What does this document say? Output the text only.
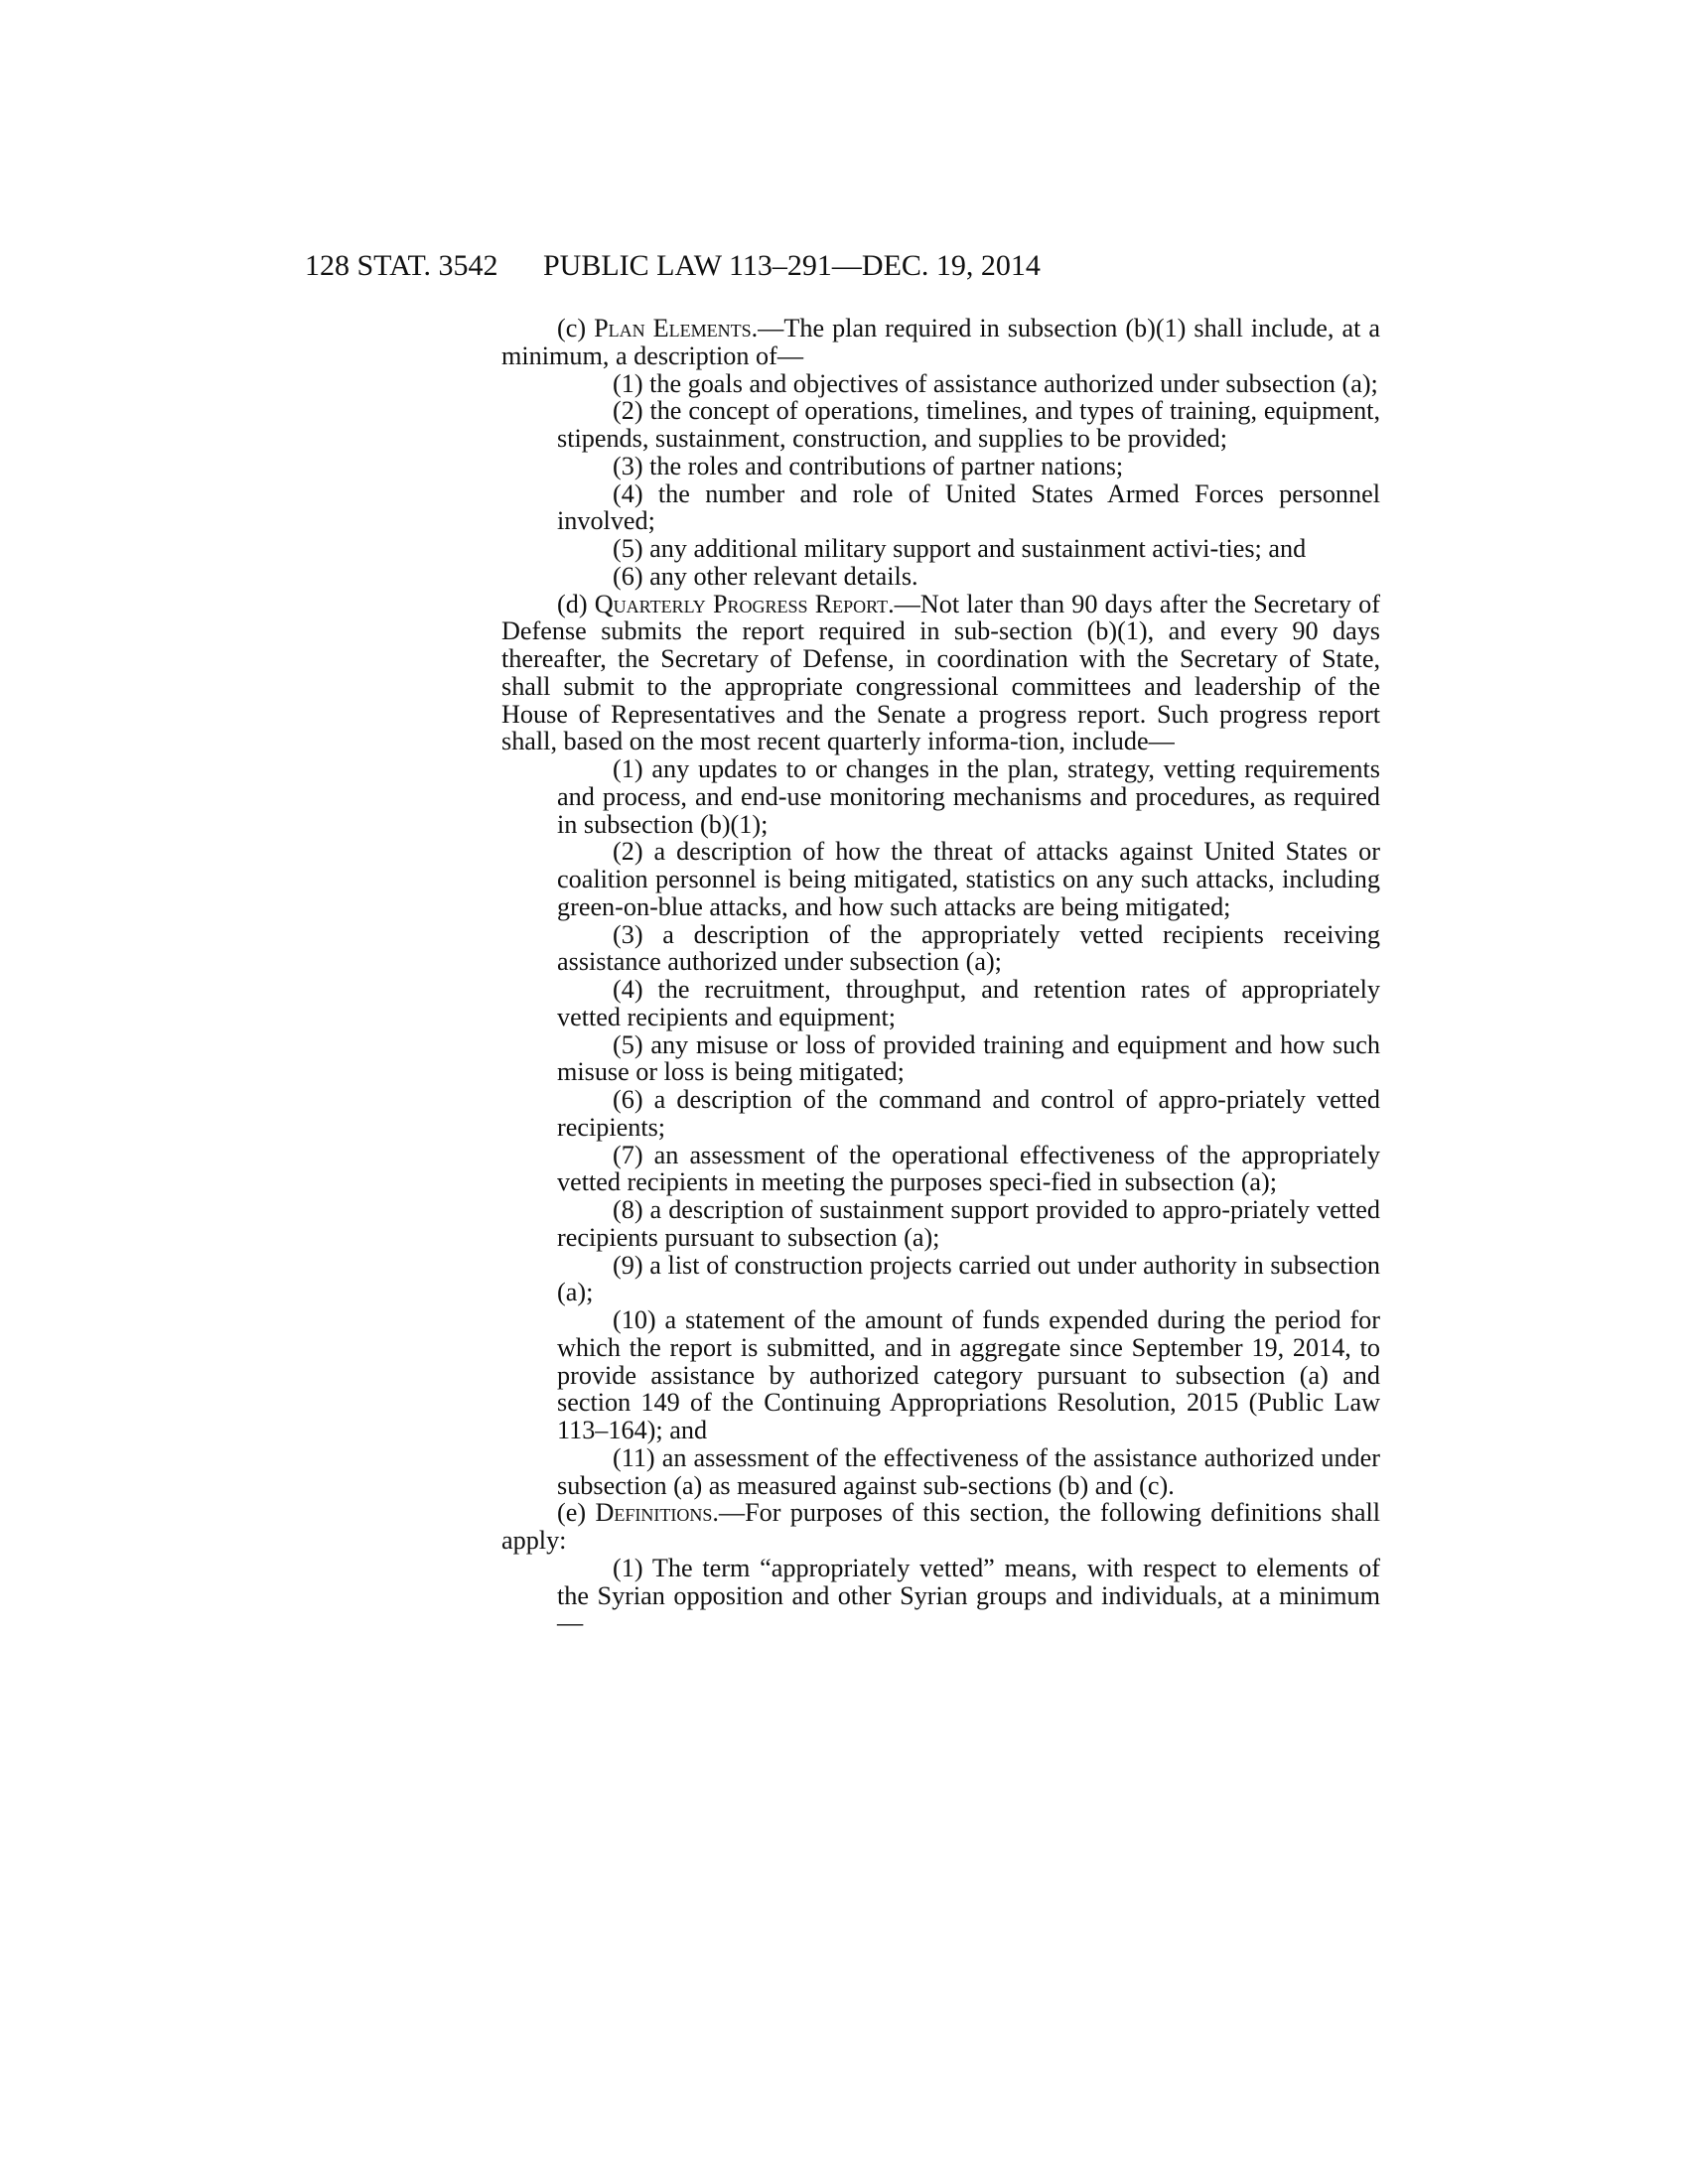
128 STAT. 3542 PUBLIC LAW 113–291—DEC. 19, 2014

(c) Plan Elements.—The plan required in subsection (b)(1) shall include, at a minimum, a description of—

(1) the goals and objectives of assistance authorized under subsection (a);

(2) the concept of operations, timelines, and types of training, equipment, stipends, sustainment, construction, and supplies to be provided;

(3) the roles and contributions of partner nations;

(4) the number and role of United States Armed Forces personnel involved;

(5) any additional military support and sustainment activi-ties; and

(6) any other relevant details.

(d) Quarterly Progress Report.—Not later than 90 days after the Secretary of Defense submits the report required in sub-section (b)(1), and every 90 days thereafter, the Secretary of Defense, in coordination with the Secretary of State, shall submit to the appropriate congressional committees and leadership of the House of Representatives and the Senate a progress report. Such progress report shall, based on the most recent quarterly informa-tion, include—

(1) any updates to or changes in the plan, strategy, vetting requirements and process, and end-use monitoring mechanisms and procedures, as required in subsection (b)(1);

(2) a description of how the threat of attacks against United States or coalition personnel is being mitigated, statistics on any such attacks, including green-on-blue attacks, and how such attacks are being mitigated;

(3) a description of the appropriately vetted recipients receiving assistance authorized under subsection (a);

(4) the recruitment, throughput, and retention rates of appropriately vetted recipients and equipment;

(5) any misuse or loss of provided training and equipment and how such misuse or loss is being mitigated;

(6) a description of the command and control of appro-priately vetted recipients;

(7) an assessment of the operational effectiveness of the appropriately vetted recipients in meeting the purposes speci-fied in subsection (a);

(8) a description of sustainment support provided to appro-priately vetted recipients pursuant to subsection (a);

(9) a list of construction projects carried out under authority in subsection (a);

(10) a statement of the amount of funds expended during the period for which the report is submitted, and in aggregate since September 19, 2014, to provide assistance by authorized category pursuant to subsection (a) and section 149 of the Continuing Appropriations Resolution, 2015 (Public Law 113–164); and

(11) an assessment of the effectiveness of the assistance authorized under subsection (a) as measured against sub-sections (b) and (c).

(e) Definitions.—For purposes of this section, the following definitions shall apply:

(1) The term “appropriately vetted” means, with respect to elements of the Syrian opposition and other Syrian groups and individuals, at a minimum—
